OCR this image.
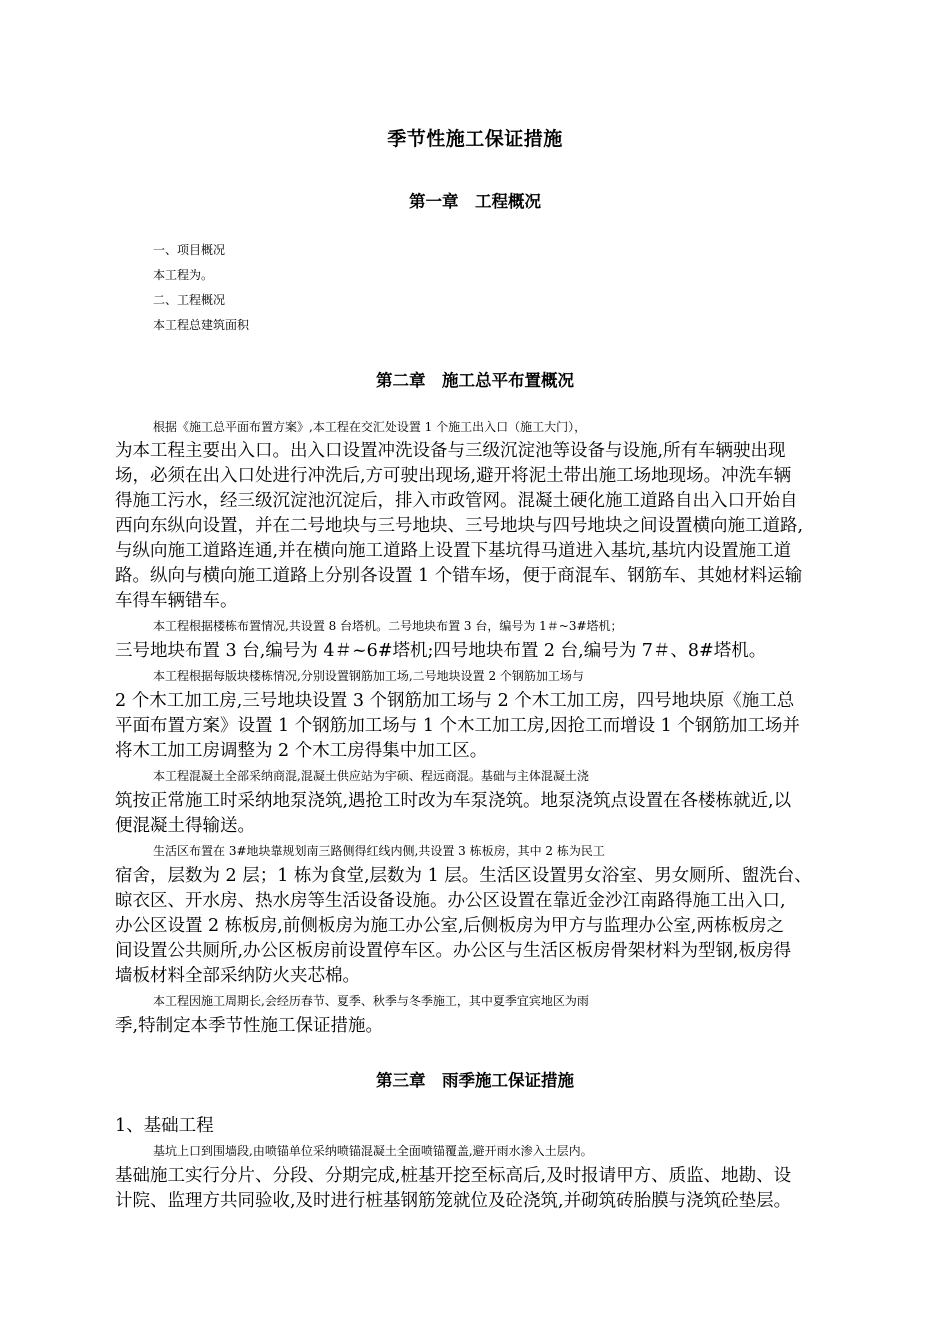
季节性施工保证措施
第一章　工程概况
一、项目概况
本工程为。
二、工程概况
本工程总建筑面积
第二章　施工总平布置概况
根据《施工总平面布置方案》,本工程在交汇处设置 1 个施工出入口（施工大门），
为本工程主要出入口。出入口设置冲洗设备与三级沉淀池等设备与设施,所有车辆驶出现
场，必须在出入口处进行冲洗后,方可驶出现场,避开将泥土带出施工场地现场。冲洗车辆
得施工污水，经三级沉淀池沉淀后，排入市政管网。混凝土硬化施工道路自出入口开始自
西向东纵向设置，并在二号地块与三号地块、三号地块与四号地块之间设置横向施工道路,
与纵向施工道路连通,并在横向施工道路上设置下基坑得马道进入基坑,基坑内设置施工道
路。纵向与横向施工道路上分别各设置 1 个错车场，便于商混车、钢筋车、其她材料运输
车得车辆错车。
本工程根据楼栋布置情况,共设置 8 台塔机。二号地块布置 3 台，编号为 1＃~3#塔机；
三号地块布置 3 台,编号为 4＃~6#塔机;四号地块布置 2 台,编号为 7＃、8#塔机。
本工程根据每版块楼栋情况,分别设置钢筋加工场,二号地块设置 2 个钢筋加工场与
2 个木工加工房,三号地块设置 3 个钢筋加工场与 2 个木工加工房，四号地块原《施工总
平面布置方案》设置 1 个钢筋加工场与 1 个木工加工房,因抢工而增设 1 个钢筋加工场并
将木工加工房调整为 2 个木工房得集中加工区。
本工程混凝土全部采纳商混,混凝土供应站为宇硕、程远商混。基础与主体混凝土浇
筑按正常施工时采纳地泵浇筑,遇抢工时改为车泵浇筑。地泵浇筑点设置在各楼栋就近,以
便混凝土得输送。
生活区布置在 3#地块靠规划南三路侧得红线内侧,共设置 3 栋板房，其中 2 栋为民工
宿舍，层数为 2 层；1 栋为食堂,层数为 1 层。生活区设置男女浴室、男女厕所、盥洗台、
晾衣区、开水房、热水房等生活设备设施。办公区设置在靠近金沙江南路得施工出入口,
办公区设置 2 栋板房,前侧板房为施工办公室,后侧板房为甲方与监理办公室,两栋板房之
间设置公共厕所,办公区板房前设置停车区。办公区与生活区板房骨架材料为型钢,板房得
墙板材料全部采纳防火夹芯棉。
本工程因施工周期长,会经历春节、夏季、秋季与冬季施工，其中夏季宜宾地区为雨
季,特制定本季节性施工保证措施。
第三章　雨季施工保证措施
1、基础工程
基坑上口到围墙段,由喷锚单位采纳喷锚混凝土全面喷锚覆盖,避开雨水渗入土层内。
基础施工实行分片、分段、分期完成,桩基开挖至标高后,及时报请甲方、质监、地勘、设
计院、监理方共同验收,及时进行桩基钢筋笼就位及砼浇筑,并砌筑砖胎膜与浇筑砼垫层。
